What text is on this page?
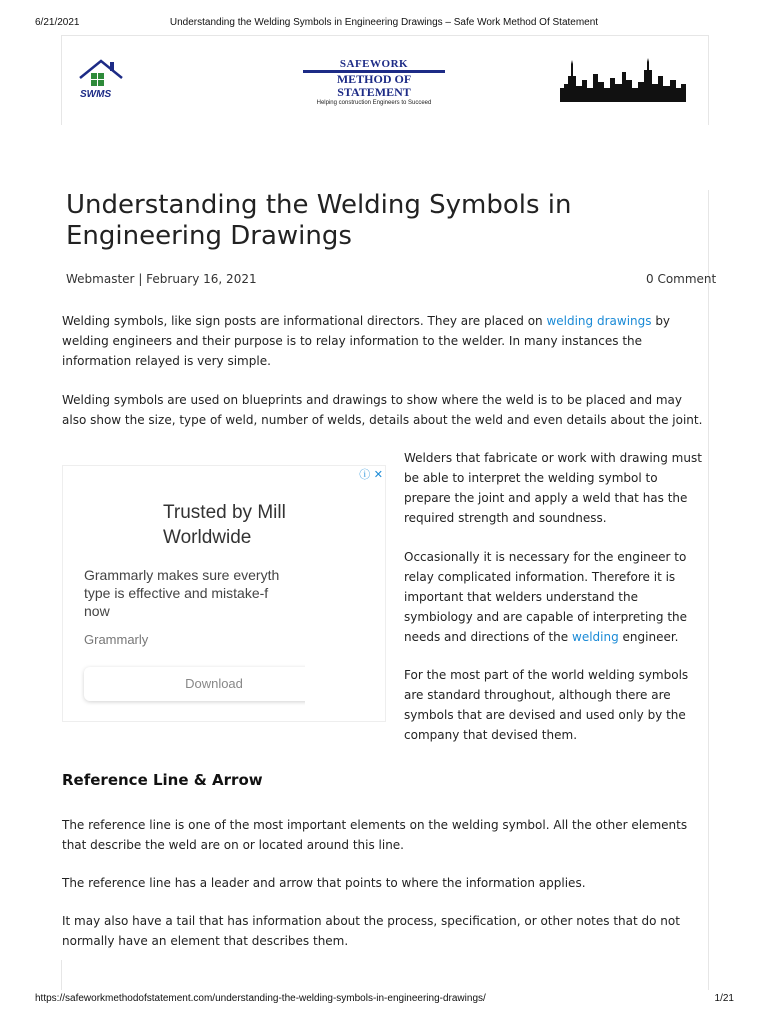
6/21/2021	Understanding the Welding Symbols in Engineering Drawings – Safe Work Method Of Statement
SWMS
SAFEWORK
METHOD OF STATEMENT
Helping construction Engineers to Succeed
Understanding the Welding Symbols in Engineering Drawings
Webmaster | February 16, 2021	0 Comment

Welding symbols, like sign posts are informational directors. They are placed on welding drawings by welding engineers and their purpose is to relay information to the welder. In many instances the information relayed is very simple.

Welding symbols are used on blueprints and drawings to show where the weld is to be placed and may also show the size, type of weld, number of welds, details about the weld and even details about the joint.

Trusted by Mill
Worldwide
Grammarly makes sure everyth
type is effective and mistake-f
now
Grammarly
Download
ⓘ ✕

Welders that fabricate or work with drawing must be able to interpret the welding symbol to prepare the joint and apply a weld that has the required strength and soundness.

Occasionally it is necessary for the engineer to relay complicated information. Therefore it is important that welders understand the symbiology and are capable of interpreting the needs and directions of the welding engineer.

For the most part of the world welding symbols are standard throughout, although there are symbols that are devised and used only by the company that devised them.

Reference Line & Arrow

The reference line is one of the most important elements on the welding symbol. All the other elements that describe the weld are on or located around this line.

The reference line has a leader and arrow that points to where the information applies.

It may also have a tail that has information about the process, specification, or other notes that do not normally have an element that describes them.

https://safeworkmethodofstatement.com/understanding-the-welding-symbols-in-engineering-drawings/	1/21
